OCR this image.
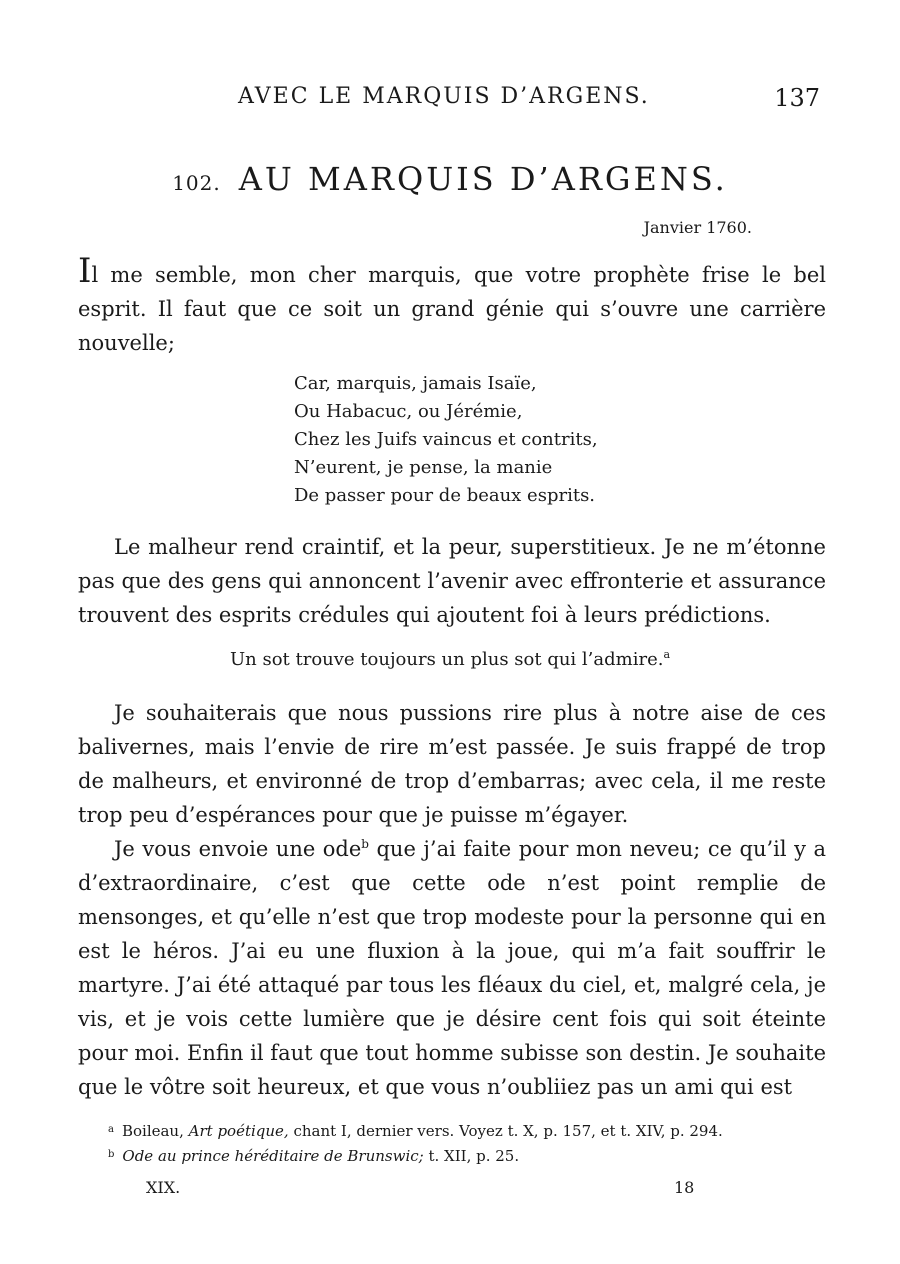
AVEC LE MARQUIS D’ARGENS.	137
102. AU MARQUIS D’ARGENS.
Janvier 1760.

Il me semble, mon cher marquis, que votre prophète frise le bel esprit. Il faut que ce soit un grand génie qui s’ouvre une carrière nouvelle;

Car, marquis, jamais Isaïe,
Ou Habacuc, ou Jérémie,
Chez les Juifs vaincus et contrits,
N’eurent, je pense, la manie
De passer pour de beaux esprits.

Le malheur rend craintif, et la peur, superstitieux. Je ne m’étonne pas que des gens qui annoncent l’avenir avec effronterie et assurance trouvent des esprits crédules qui ajoutent foi à leurs prédictions.

Un sot trouve toujours un plus sot qui l’admire.$^a$

Je souhaiterais que nous pussions rire plus à notre aise de ces balivernes, mais l’envie de rire m’est passée. Je suis frappé de trop de malheurs, et environné de trop d’embarras; avec cela, il me reste trop peu d’espérances pour que je puisse m’égayer.

Je vous envoie une ode$^b$ que j’ai faite pour mon neveu; ce qu’il y a d’extraordinaire, c’est que cette ode n’est point remplie de mensonges, et qu’elle n’est que trop modeste pour la personne qui en est le héros. J’ai eu une fluxion à la joue, qui m’a fait souffrir le martyre. J’ai été attaqué par tous les fléaux du ciel, et, malgré cela, je vis, et je vois cette lumière que je désire cent fois qui soit éteinte pour moi. Enfin il faut que tout homme subisse son destin. Je souhaite que le vôtre soit heureux, et que vous n’oubliiez pas un ami qui est

$^a$ Boileau, Art poétique, chant I, dernier vers. Voyez t. X, p. 157, et t. XIV, p. 294.
$^b$ Ode au prince héréditaire de Brunswic; t. XII, p. 25.
XIX.	18
